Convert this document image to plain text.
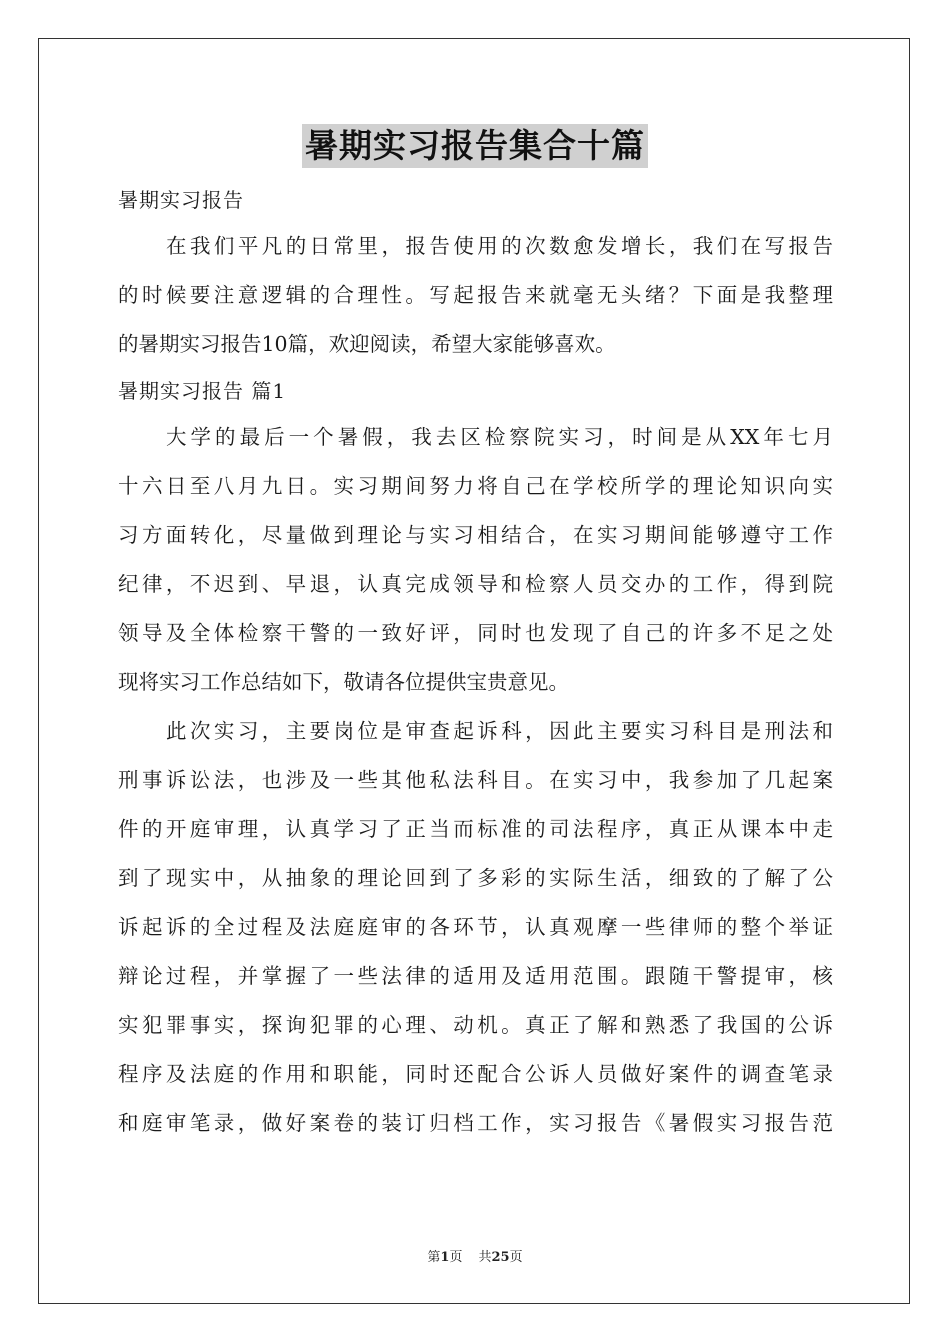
暑期实习报告集合十篇
暑期实习报告
在我们平凡的日常里，报告使用的次数愈发增长，我们在写报告
的时候要注意逻辑的合理性。写起报告来就毫无头绪？下面是我整理
的暑期实习报告10篇，欢迎阅读，希望大家能够喜欢。
暑期实习报告 篇1
大学的最后一个暑假，我去区检察院实习，时间是从XX年七月
十六日至八月九日。实习期间努力将自己在学校所学的理论知识向实
习方面转化，尽量做到理论与实习相结合，在实习期间能够遵守工作
纪律，不迟到、早退，认真完成领导和检察人员交办的工作，得到院
领导及全体检察干警的一致好评，同时也发现了自己的许多不足之处
现将实习工作总结如下，敬请各位提供宝贵意见。
此次实习，主要岗位是审查起诉科，因此主要实习科目是刑法和
刑事诉讼法，也涉及一些其他私法科目。在实习中，我参加了几起案
件的开庭审理，认真学习了正当而标准的司法程序，真正从课本中走
到了现实中，从抽象的理论回到了多彩的实际生活，细致的了解了公
诉起诉的全过程及法庭庭审的各环节，认真观摩一些律师的整个举证
辩论过程，并掌握了一些法律的适用及适用范围。跟随干警提审，核
实犯罪事实，探询犯罪的心理、动机。真正了解和熟悉了我国的公诉
程序及法庭的作用和职能，同时还配合公诉人员做好案件的调查笔录
和庭审笔录，做好案卷的装订归档工作，实习报告《暑假实习报告范
第1页 共25页
